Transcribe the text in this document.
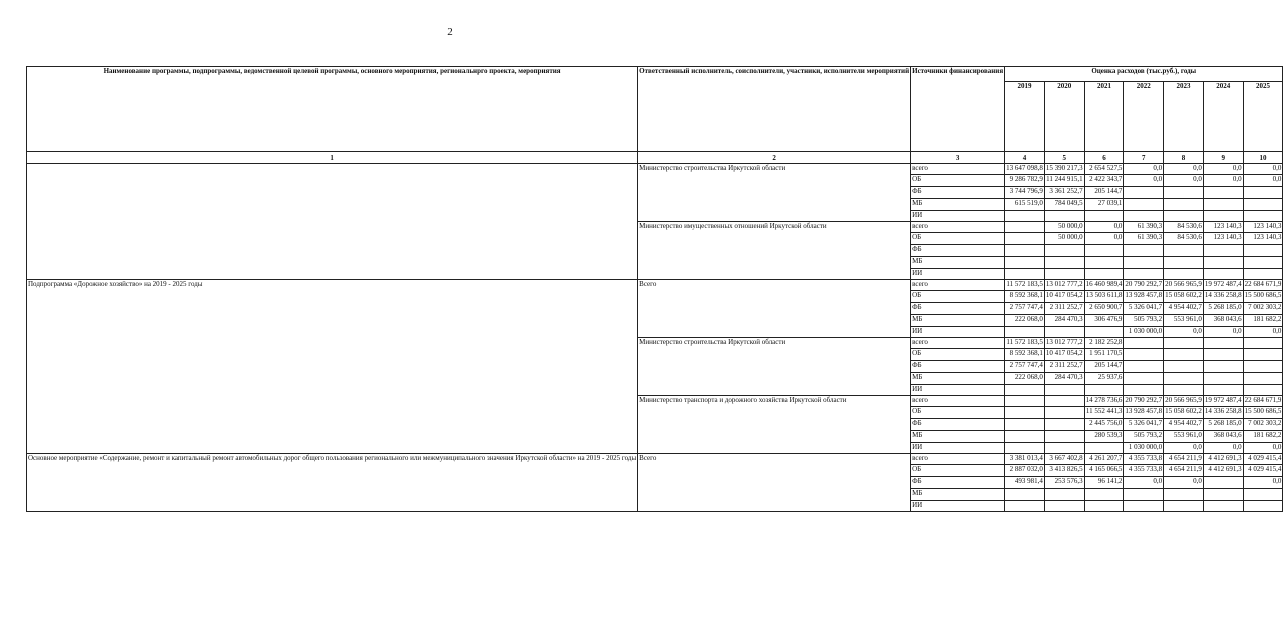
2
Наименование программы, подпрограммы, ведомственной целевой программы, основного мероприятия, региональнрго проекта, мероприятия	Ответственный исполнитель, соисполнители, участники, исполнители мероприятий	Источники финансирования	Оценка расходов (тыс.руб.), годы						
			2019	2020	2021	2022	2023	2024	2025
1	2	3	4	5	6	7	8	9	10
	Министерство строительства Иркутской области	всего	13 647 098,8	15 390 217,3	2 654 527,5	0,0	0,0	0,0	0,0
		ОБ	9 286 782,9	11 244 915,1	2 422 343,7	0,0	0,0	0,0	0,0
		ФБ	3 744 796,9	3 361 252,7	205 144,7				
		МБ	615 519,0	784 049,5	27 039,1				
		ИИ							
	Министерство имущественных отношений Иркутской области	всего		50 000,0	0,0	61 390,3	84 530,6	123 140,3	123 140,3
		ОБ		50 000,0	0,0	61 390,3	84 530,6	123 140,3	123 140,3
		ФБ							
		МБ							
		ИИ							
Подпрограмма «Дорожное хозяйство» на 2019 - 2025 годы	Всего	всего	11 572 183,5	13 012 777,2	16 460 989,4	20 790 292,7	20 566 965,9	19 972 487,4	22 684 671,9
		ОБ	8 592 368,1	10 417 054,2	13 503 611,8	13 928 457,8	15 058 602,2	14 336 258,8	15 500 686,5
		ФБ	2 757 747,4	2 311 252,7	2 650 900,7	5 326 041,7	4 954 402,7	5 268 185,0	7 002 303,2
		МБ	222 068,0	284 470,3	306 476,9	505 793,2	553 961,0	368 043,6	181 682,2
		ИИ				1 030 000,0	0,0	0,0	0,0
	Министерство строительства Иркутской области	всего	11 572 183,5	13 012 777,2	2 182 252,8				
		ОБ	8 592 368,1	10 417 054,2	1 951 170,5				
		ФБ	2 757 747,4	2 311 252,7	205 144,7				
		МБ	222 068,0	284 470,3	25 937,6				
		ИИ							
	Министерство транспорта и дорожного хозяйства Иркутской области	всего			14 278 736,6	20 790 292,7	20 566 965,9	19 972 487,4	22 684 671,9
		ОБ			11 552 441,3	13 928 457,8	15 058 602,2	14 336 258,8	15 500 686,5
		ФБ			2 445 756,0	5 326 041,7	4 954 402,7	5 268 185,0	7 002 303,2
		МБ			280 539,3	505 793,2	553 961,0	368 043,6	181 682,2
		ИИ				1 030 000,0	0,0	0,0	0,0
Основное мероприятие «Содержание, ремонт и капитальный ремонт автомобильных дорог общего пользования регионального или межмуниципального значения Иркутской области» на 2019 - 2025 годы	Всего	всего	3 381 013,4	3 667 402,8	4 261 207,7	4 355 733,8	4 654 211,9	4 412 691,3	4 029 415,4
		ОБ	2 887 032,0	3 413 826,5	4 165 066,5	4 355 733,8	4 654 211,9	4 412 691,3	4 029 415,4
		ФБ	493 981,4	253 576,3	96 141,2	0,0	0,0		0,0
		МБ							
		ИИ							
